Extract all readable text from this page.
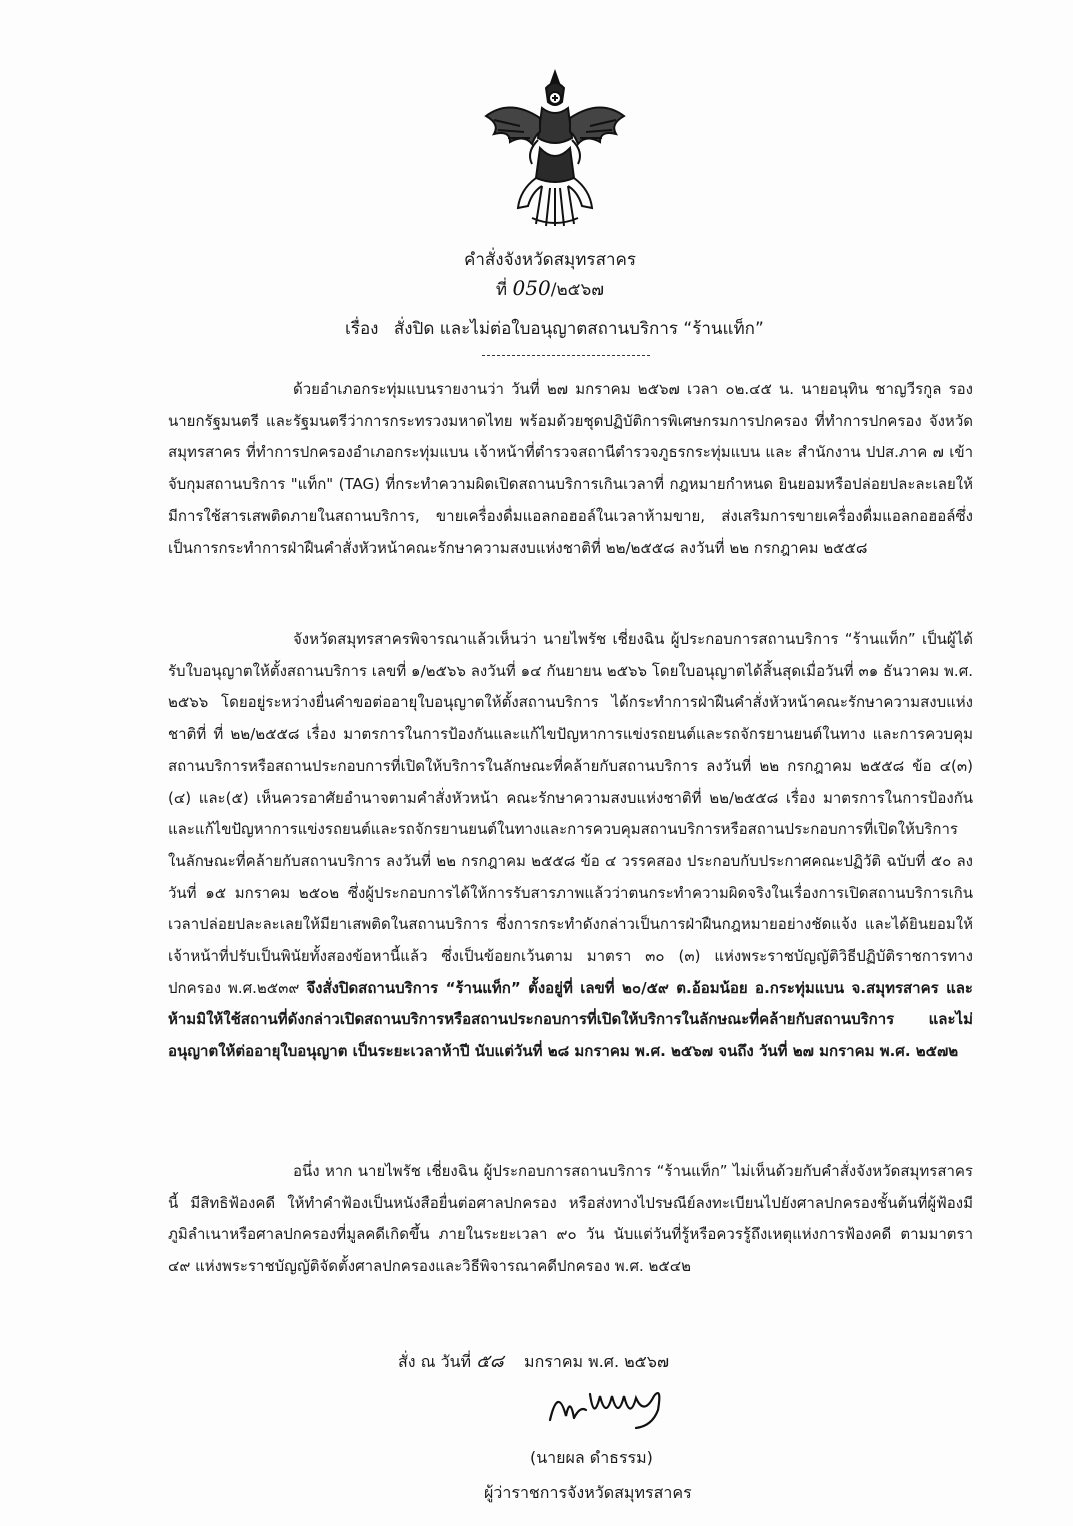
คำสั่งจังหวัดสมุทรสาคร
ที่ 050/๒๕๖๗
เรื่อง สั่งปิด และไม่ต่อใบอนุญาตสถานบริการ “ร้านแท็ก”
ด้วยอำเภอกระทุ่มแบนรายงานว่า วันที่ ๒๗ มกราคม ๒๕๖๗ เวลา ๐๒.๔๕ น. นายอนุทิน ชาญวีรกูล รองนายกรัฐมนตรี และรัฐมนตรีว่าการกระทรวงมหาดไทย พร้อมด้วยชุดปฏิบัติการพิเศษกรมการปกครอง ที่ทำการปกครอง จังหวัดสมุทรสาคร ที่ทำการปกครองอำเภอกระทุ่มแบน เจ้าหน้าที่ตำรวจสถานีตำรวจภูธรกระทุ่มแบน และ สำนักงาน ปปส.ภาค ๗ เข้าจับกุมสถานบริการ "แท็ก" (TAG) ที่กระทำความผิดเปิดสถานบริการเกินเวลาที่ กฎหมายกำหนด ยินยอมหรือปล่อยปละละเลยให้มีการใช้สารเสพติดภายในสถานบริการ, ขายเครื่องดื่มแอลกอฮอล์ในเวลาห้ามขาย, ส่งเสริมการขายเครื่องดื่มแอลกอฮอล์ซึ่งเป็นการกระทำการฝ่าฝืนคำสั่งหัวหน้าคณะรักษาความสงบแห่งชาติที่ ๒๒/๒๕๕๘ ลงวันที่ ๒๒ กรกฎาคม ๒๕๕๘
จังหวัดสมุทรสาครพิจารณาแล้วเห็นว่า นายไพรัช เชี่ยงฉิน ผู้ประกอบการสถานบริการ “ร้านแท็ก” เป็นผู้ได้รับใบอนุญาตให้ตั้งสถานบริการ เลขที่ ๑/๒๕๖๖ ลงวันที่ ๑๔ กันยายน ๒๕๖๖ โดยใบอนุญาตได้สิ้นสุดเมื่อวันที่ ๓๑ ธันวาคม พ.ศ. ๒๕๖๖ โดยอยู่ระหว่างยื่นคำขอต่ออายุใบอนุญาตให้ตั้งสถานบริการ ได้กระทำการฝ่าฝืนคำสั่งหัวหน้าคณะรักษาความสงบแห่งชาติที่ ที่ ๒๒/๒๕๕๘ เรื่อง มาตรการในการป้องกันและแก้ไขปัญหาการแข่งรถยนต์และรถจักรยานยนต์ในทาง และการควบคุมสถานบริการหรือสถานประกอบการที่เปิดให้บริการในลักษณะที่คล้ายกับสถานบริการ ลงวันที่ ๒๒ กรกฎาคม ๒๕๕๘ ข้อ ๔(๓)(๔) และ(๕) เห็นควรอาศัยอำนาจตามคำสั่งหัวหน้า คณะรักษาความสงบแห่งชาติที่ ๒๒/๒๕๕๘ เรื่อง มาตรการในการป้องกันและแก้ไขปัญหาการแข่งรถยนต์และรถจักรยานยนต์ในทางและการควบคุมสถานบริการหรือสถานประกอบการที่เปิดให้บริการในลักษณะที่คล้ายกับสถานบริการ ลงวันที่ ๒๒ กรกฎาคม ๒๕๕๘ ข้อ ๔ วรรคสอง ประกอบกับประกาศคณะปฏิวัติ ฉบับที่ ๕๐ ลงวันที่ ๑๕ มกราคม ๒๕๐๒ ซึ่งผู้ประกอบการได้ให้การรับสารภาพแล้วว่าตนกระทำความผิดจริงในเรื่องการเปิดสถานบริการเกินเวลาปล่อยปละละเลยให้มียาเสพติดในสถานบริการ ซึ่งการกระทำดังกล่าวเป็นการฝ่าฝืนกฎหมายอย่างชัดแจ้ง และได้ยินยอมให้เจ้าหน้าที่ปรับเป็นพินัยทั้งสองข้อหานี้แล้ว ซึ่งเป็นข้อยกเว้นตาม มาตรา ๓๐ (๓) แห่งพระราชบัญญัติวิธีปฏิบัติราชการทางปกครอง พ.ศ.๒๕๓๙ จึงสั่งปิดสถานบริการ “ร้านแท็ก” ตั้งอยู่ที่ เลขที่ ๒๐/๕๙ ต.อ้อมน้อย อ.กระทุ่มแบน จ.สมุทรสาคร และห้ามมิให้ใช้สถานที่ดังกล่าวเปิดสถานบริการหรือสถานประกอบการที่เปิดให้บริการในลักษณะที่คล้ายกับสถานบริการ และไม่อนุญาตให้ต่ออายุใบอนุญาต เป็นระยะเวลาห้าปี นับแต่วันที่ ๒๘ มกราคม พ.ศ. ๒๕๖๗ จนถึง วันที่ ๒๗ มกราคม พ.ศ. ๒๕๗๒
อนึ่ง หาก นายไพรัช เชี่ยงฉิน ผู้ประกอบการสถานบริการ “ร้านแท็ก” ไม่เห็นด้วยกับคำสั่งจังหวัดสมุทรสาครนี้ มีสิทธิฟ้องคดี ให้ทำคำฟ้องเป็นหนังสือยื่นต่อศาลปกครอง หรือส่งทางไปรษณีย์ลงทะเบียนไปยังศาลปกครองชั้นต้นที่ผู้ฟ้องมีภูมิลำเนาหรือศาลปกครองที่มูลคดีเกิดขึ้น ภายในระยะเวลา ๙๐ วัน นับแต่วันที่รู้หรือควรรู้ถึงเหตุแห่งการฟ้องคดี ตามมาตรา ๔๙ แห่งพระราชบัญญัติจัดตั้งศาลปกครองและวิธีพิจารณาคดีปกครอง พ.ศ. ๒๕๔๒
สั่ง ณ วันที่ ๕๘ มกราคม พ.ศ. ๒๕๖๗
(นายผล ดำธรรม)
ผู้ว่าราชการจังหวัดสมุทรสาคร
